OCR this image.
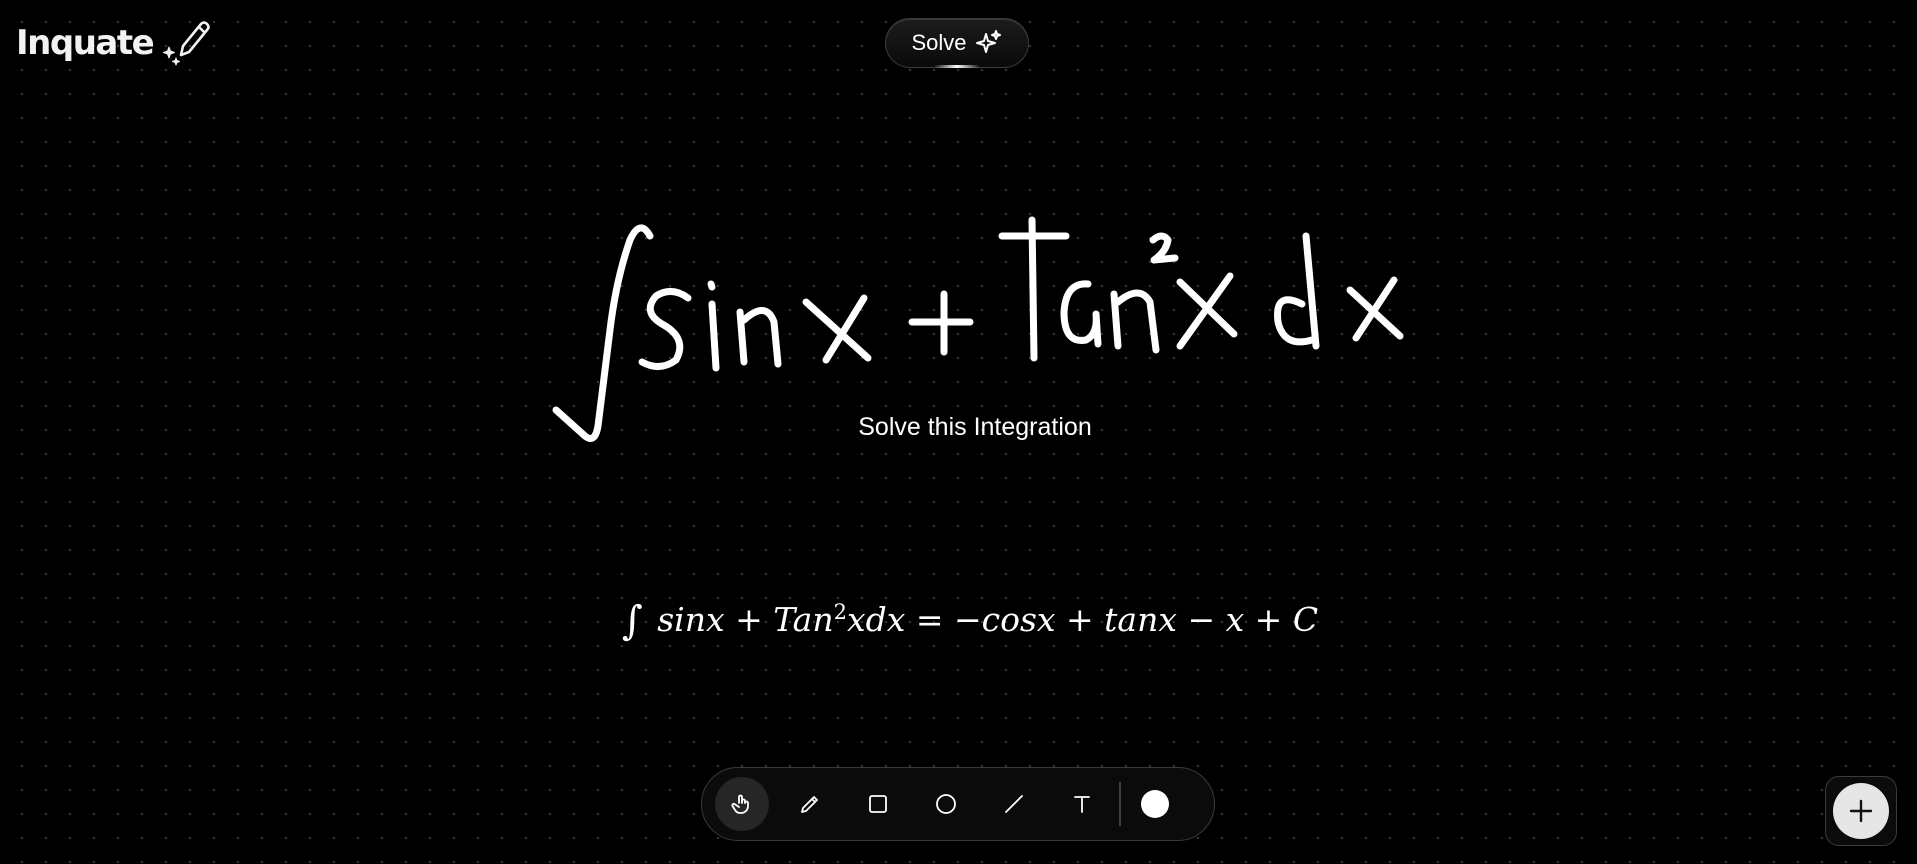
Inquate	Solve
Solve this Integration
∫ sinx + Tan$^2$xdx = −cosx + tanx − x + C
